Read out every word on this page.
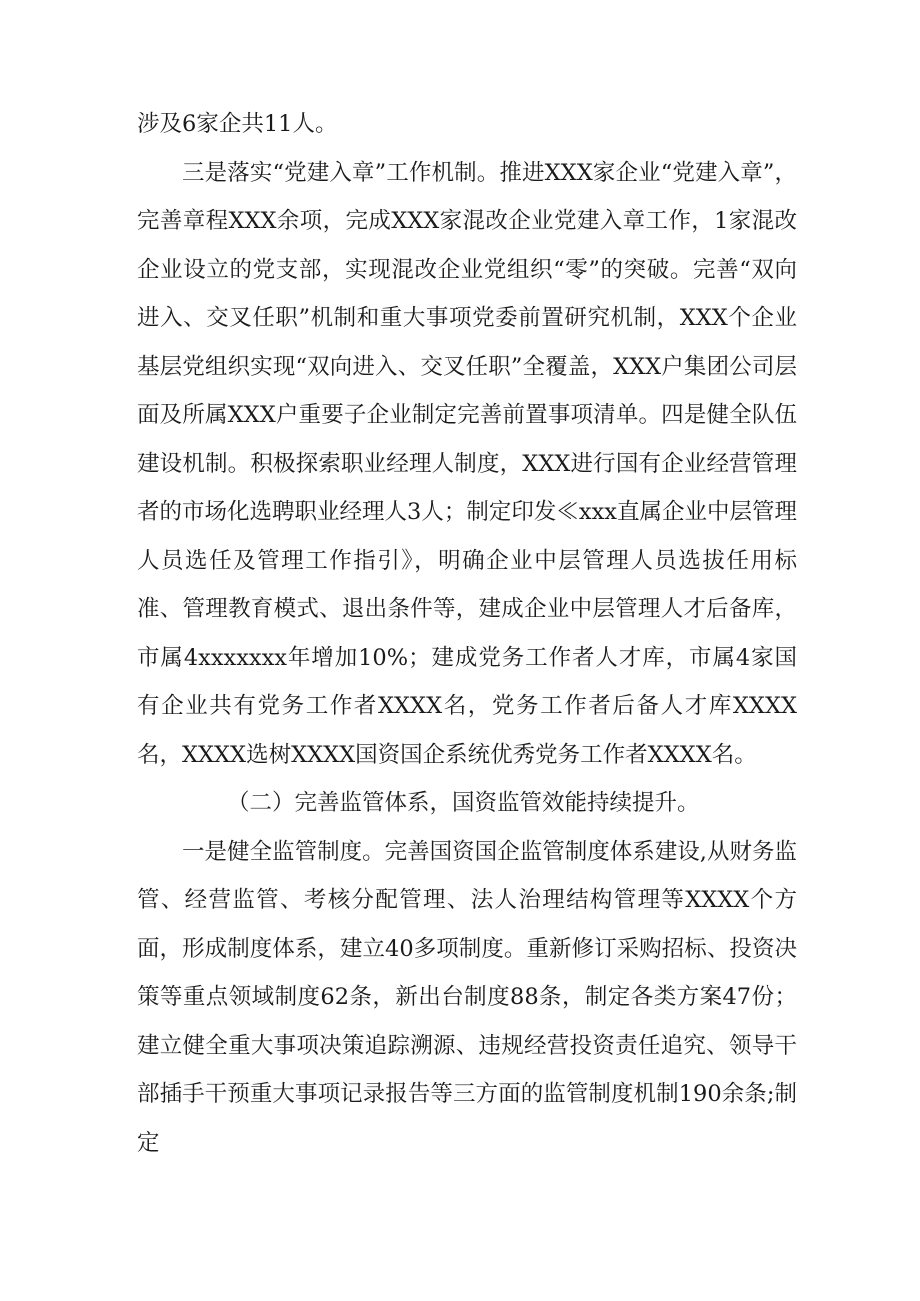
涉及6家企共11人。

三是落实“党建入章”工作机制。推进XXX家企业“党建入章”，完善章程XXX余项，完成XXX家混改企业党建入章工作，1家混改企业设立的党支部，实现混改企业党组织“零”的突破。完善“双向进入、交叉任职”机制和重大事项党委前置研究机制，XXX个企业基层党组织实现“双向进入、交叉任职”全覆盖，XXX户集团公司层面及所属XXX户重要子企业制定完善前置事项清单。四是健全队伍建设机制。积极探索职业经理人制度，XXX进行国有企业经营管理者的市场化选聘职业经理人3人；制定印发≪xxx直属企业中层管理人员选任及管理工作指引》，明确企业中层管理人员选拔任用标准、管理教育模式、退出条件等，建成企业中层管理人才后备库，市属4xxxxxxx年增加10%；建成党务工作者人才库，市属4家国有企业共有党务工作者XXXX名，党务工作者后备人才库XXXX名，XXXX选树XXXX国资国企系统优秀党务工作者XXXX名。

（二）完善监管体系，国资监管效能持续提升。

一是健全监管制度。完善国资国企监管制度体系建设,从财务监管、经营监管、考核分配管理、法人治理结构管理等XXXX个方面，形成制度体系，建立40多项制度。重新修订采购招标、投资决策等重点领域制度62条，新出台制度88条，制定各类方案47份；建立健全重大事项决策追踪溯源、违规经营投资责任追究、领导干部插手干预重大事项记录报告等三方面的监管制度机制190余条;制定
